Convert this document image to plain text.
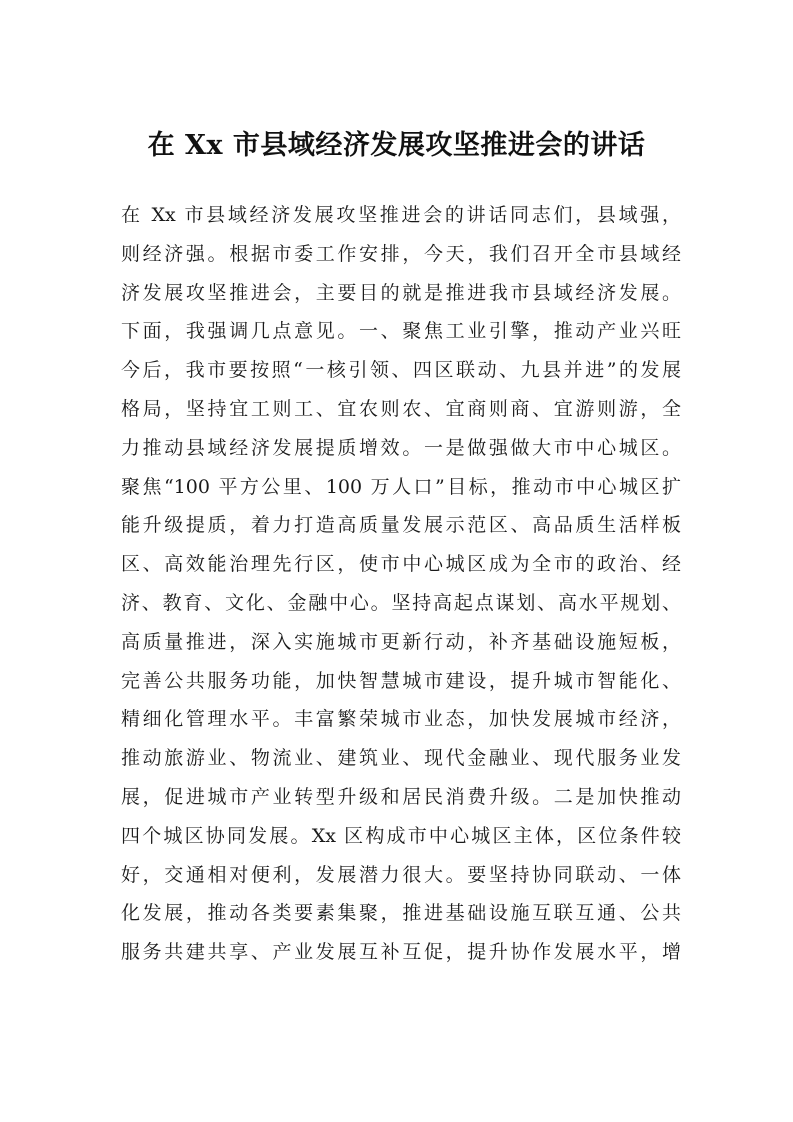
在 Xx 市县域经济发展攻坚推进会的讲话
在 Xx 市县域经济发展攻坚推进会的讲话同志们，县域强，
则经济强。根据市委工作安排，今天，我们召开全市县域经
济发展攻坚推进会，主要目的就是推进我市县域经济发展。
下面，我强调几点意见。一、聚焦工业引擎，推动产业兴旺
今后，我市要按照“一核引领、四区联动、九县并进”的发展
格局，坚持宜工则工、宜农则农、宜商则商、宜游则游，全
力推动县域经济发展提质增效。一是做强做大市中心城区。
聚焦“100 平方公里、100 万人口”目标，推动市中心城区扩
能升级提质，着力打造高质量发展示范区、高品质生活样板
区、高效能治理先行区，使市中心城区成为全市的政治、经
济、教育、文化、金融中心。坚持高起点谋划、高水平规划、
高质量推进，深入实施城市更新行动，补齐基础设施短板，
完善公共服务功能，加快智慧城市建设，提升城市智能化、
精细化管理水平。丰富繁荣城市业态，加快发展城市经济，
推动旅游业、物流业、建筑业、现代金融业、现代服务业发
展，促进城市产业转型升级和居民消费升级。二是加快推动
四个城区协同发展。Xx 区构成市中心城区主体，区位条件较
好，交通相对便利，发展潜力很大。要坚持协同联动、一体
化发展，推动各类要素集聚，推进基础设施互联互通、公共
服务共建共享、产业发展互补互促，提升协作发展水平，增
